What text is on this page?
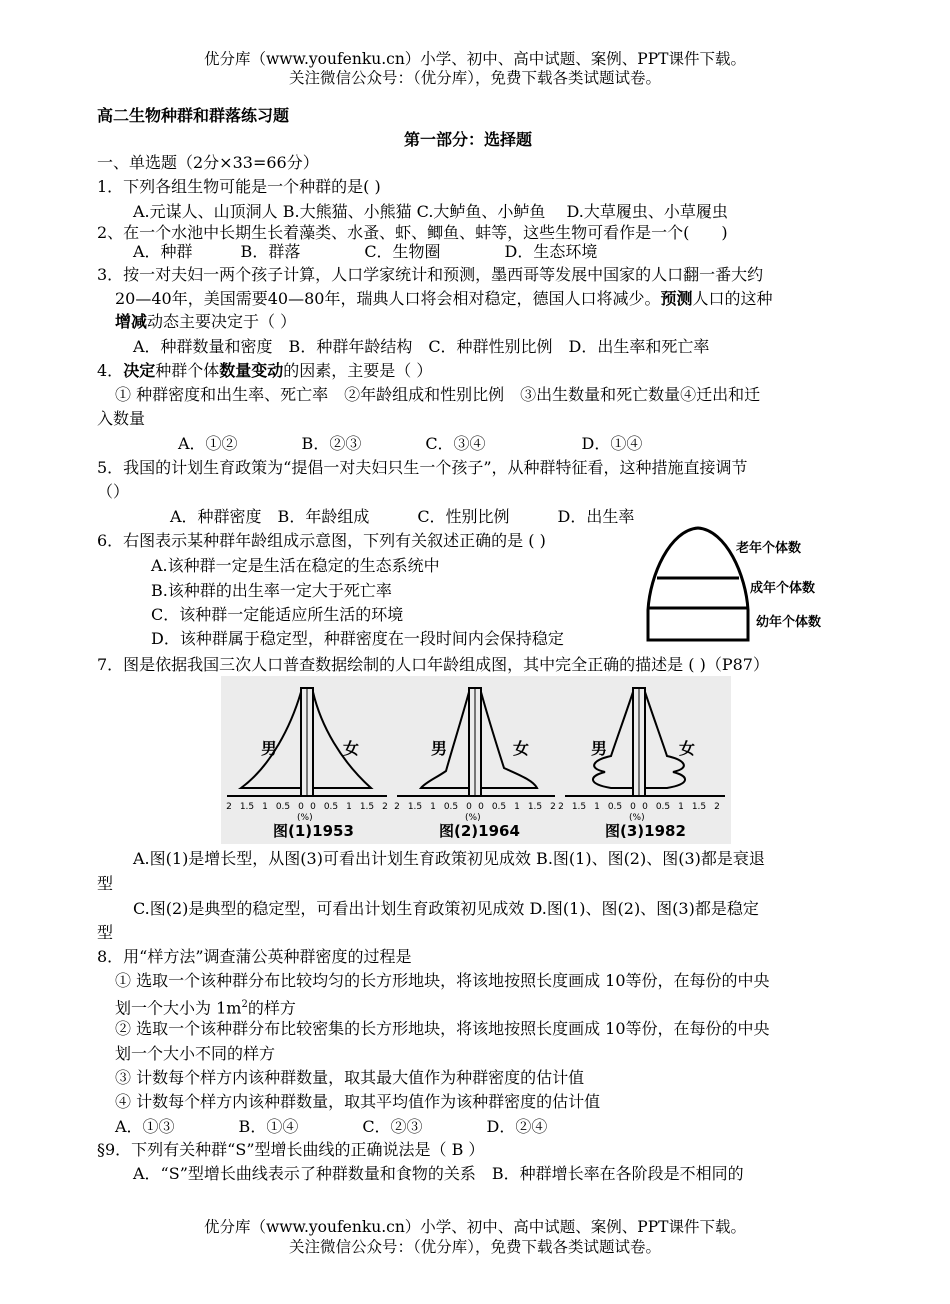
优分库（www.youfenku.cn）小学、初中、高中试题、案例、PPT课件下载。
关注微信公众号：（优分库），免费下载各类试题试卷。
高二生物种群和群落练习题
第一部分：选择题
一、单选题（2分×33=66分）
1．下列各组生物可能是一个种群的是( )
A.元谋人、山顶洞人 B.大熊猫、小熊猫 C.大鲈鱼、小鲈鱼　 D.大草履虫、小草履虫
2、在一个水池中长期生长着藻类、水蚤、虾、鲫鱼、蚌等，这些生物可看作是一个(　　)
A．种群　　　B．群落　　　　C．生物圈　　　　D．生态环境
3．按一对夫妇一两个孩子计算，人口学家统计和预测，墨西哥等发展中国家的人口翻一番大约
20—40年，美国需要40—80年，瑞典人口将会相对稳定，德国人口将减少。预测人口的这种
增减动态主要决定于（ ）
A．种群数量和密度　B．种群年龄结构　C．种群性别比例　D．出生率和死亡率
4．决定种群个体数量变动的因素，主要是（ ）
① 种群密度和出生率、死亡率　②年龄组成和性别比例　③出生数量和死亡数量④迁出和迁
入数量
A．①②　　　　B．②③　　　　C．③④　　　　　　D．①④
5．我国的计划生育政策为“提倡一对夫妇只生一个孩子”，从种群特征看，这种措施直接调节
（）
A．种群密度　B．年龄组成　　　C．性别比例　　　D．出生率
6．右图表示某种群年龄组成示意图，下列有关叙述正确的是 ( )
A.该种群一定是生活在稳定的生态系统中
B.该种群的出生率一定大于死亡率
C．该种群一定能适应所生活的环境
D．该种群属于稳定型，种群密度在一段时间内会保持稳定
老年个体数
成年个体数
幼年个体数
7．图是依据我国三次人口普查数据绘制的人口年龄组成图，其中完全正确的描述是 ( )（P87）
男	女
(%)
图(1)1953
男	女
(%)
图(2)1964
男	女
(%)
图(3)1982
2 1.5 1 0.5 0 0 0.5 1 1.5 2 2 1.5 1 0.5 0 0 0.5 1 1.5 2 2 1.5 1 0.5 0 0 0.5 1 1.5 2
A.图(1)是增长型，从图(3)可看出计划生育政策初见成效 B.图(1)、图(2)、图(3)都是衰退
型
C.图(2)是典型的稳定型，可看出计划生育政策初见成效 D.图(1)、图(2)、图(3)都是稳定
型
8．用“样方法”调查蒲公英种群密度的过程是
① 选取一个该种群分布比较均匀的长方形地块，将该地按照长度画成 10等份，在每份的中央
划一个大小为 $1m^2$的样方
② 选取一个该种群分布比较密集的长方形地块，将该地按照长度画成 10等份，在每份的中央
划一个大小不同的样方
③ 计数每个样方内该种群数量，取其最大值作为种群密度的估计值
④ 计数每个样方内该种群数量，取其平均值作为该种群密度的估计值
A．①③　　　　B．①④　　　　C．②③　　　　D．②④
§9．下列有关种群“S”型增长曲线的正确说法是（ B ）
A．“S”型增长曲线表示了种群数量和食物的关系　B．种群增长率在各阶段是不相同的
优分库（www.youfenku.cn）小学、初中、高中试题、案例、PPT课件下载。
关注微信公众号：（优分库），免费下载各类试题试卷。
